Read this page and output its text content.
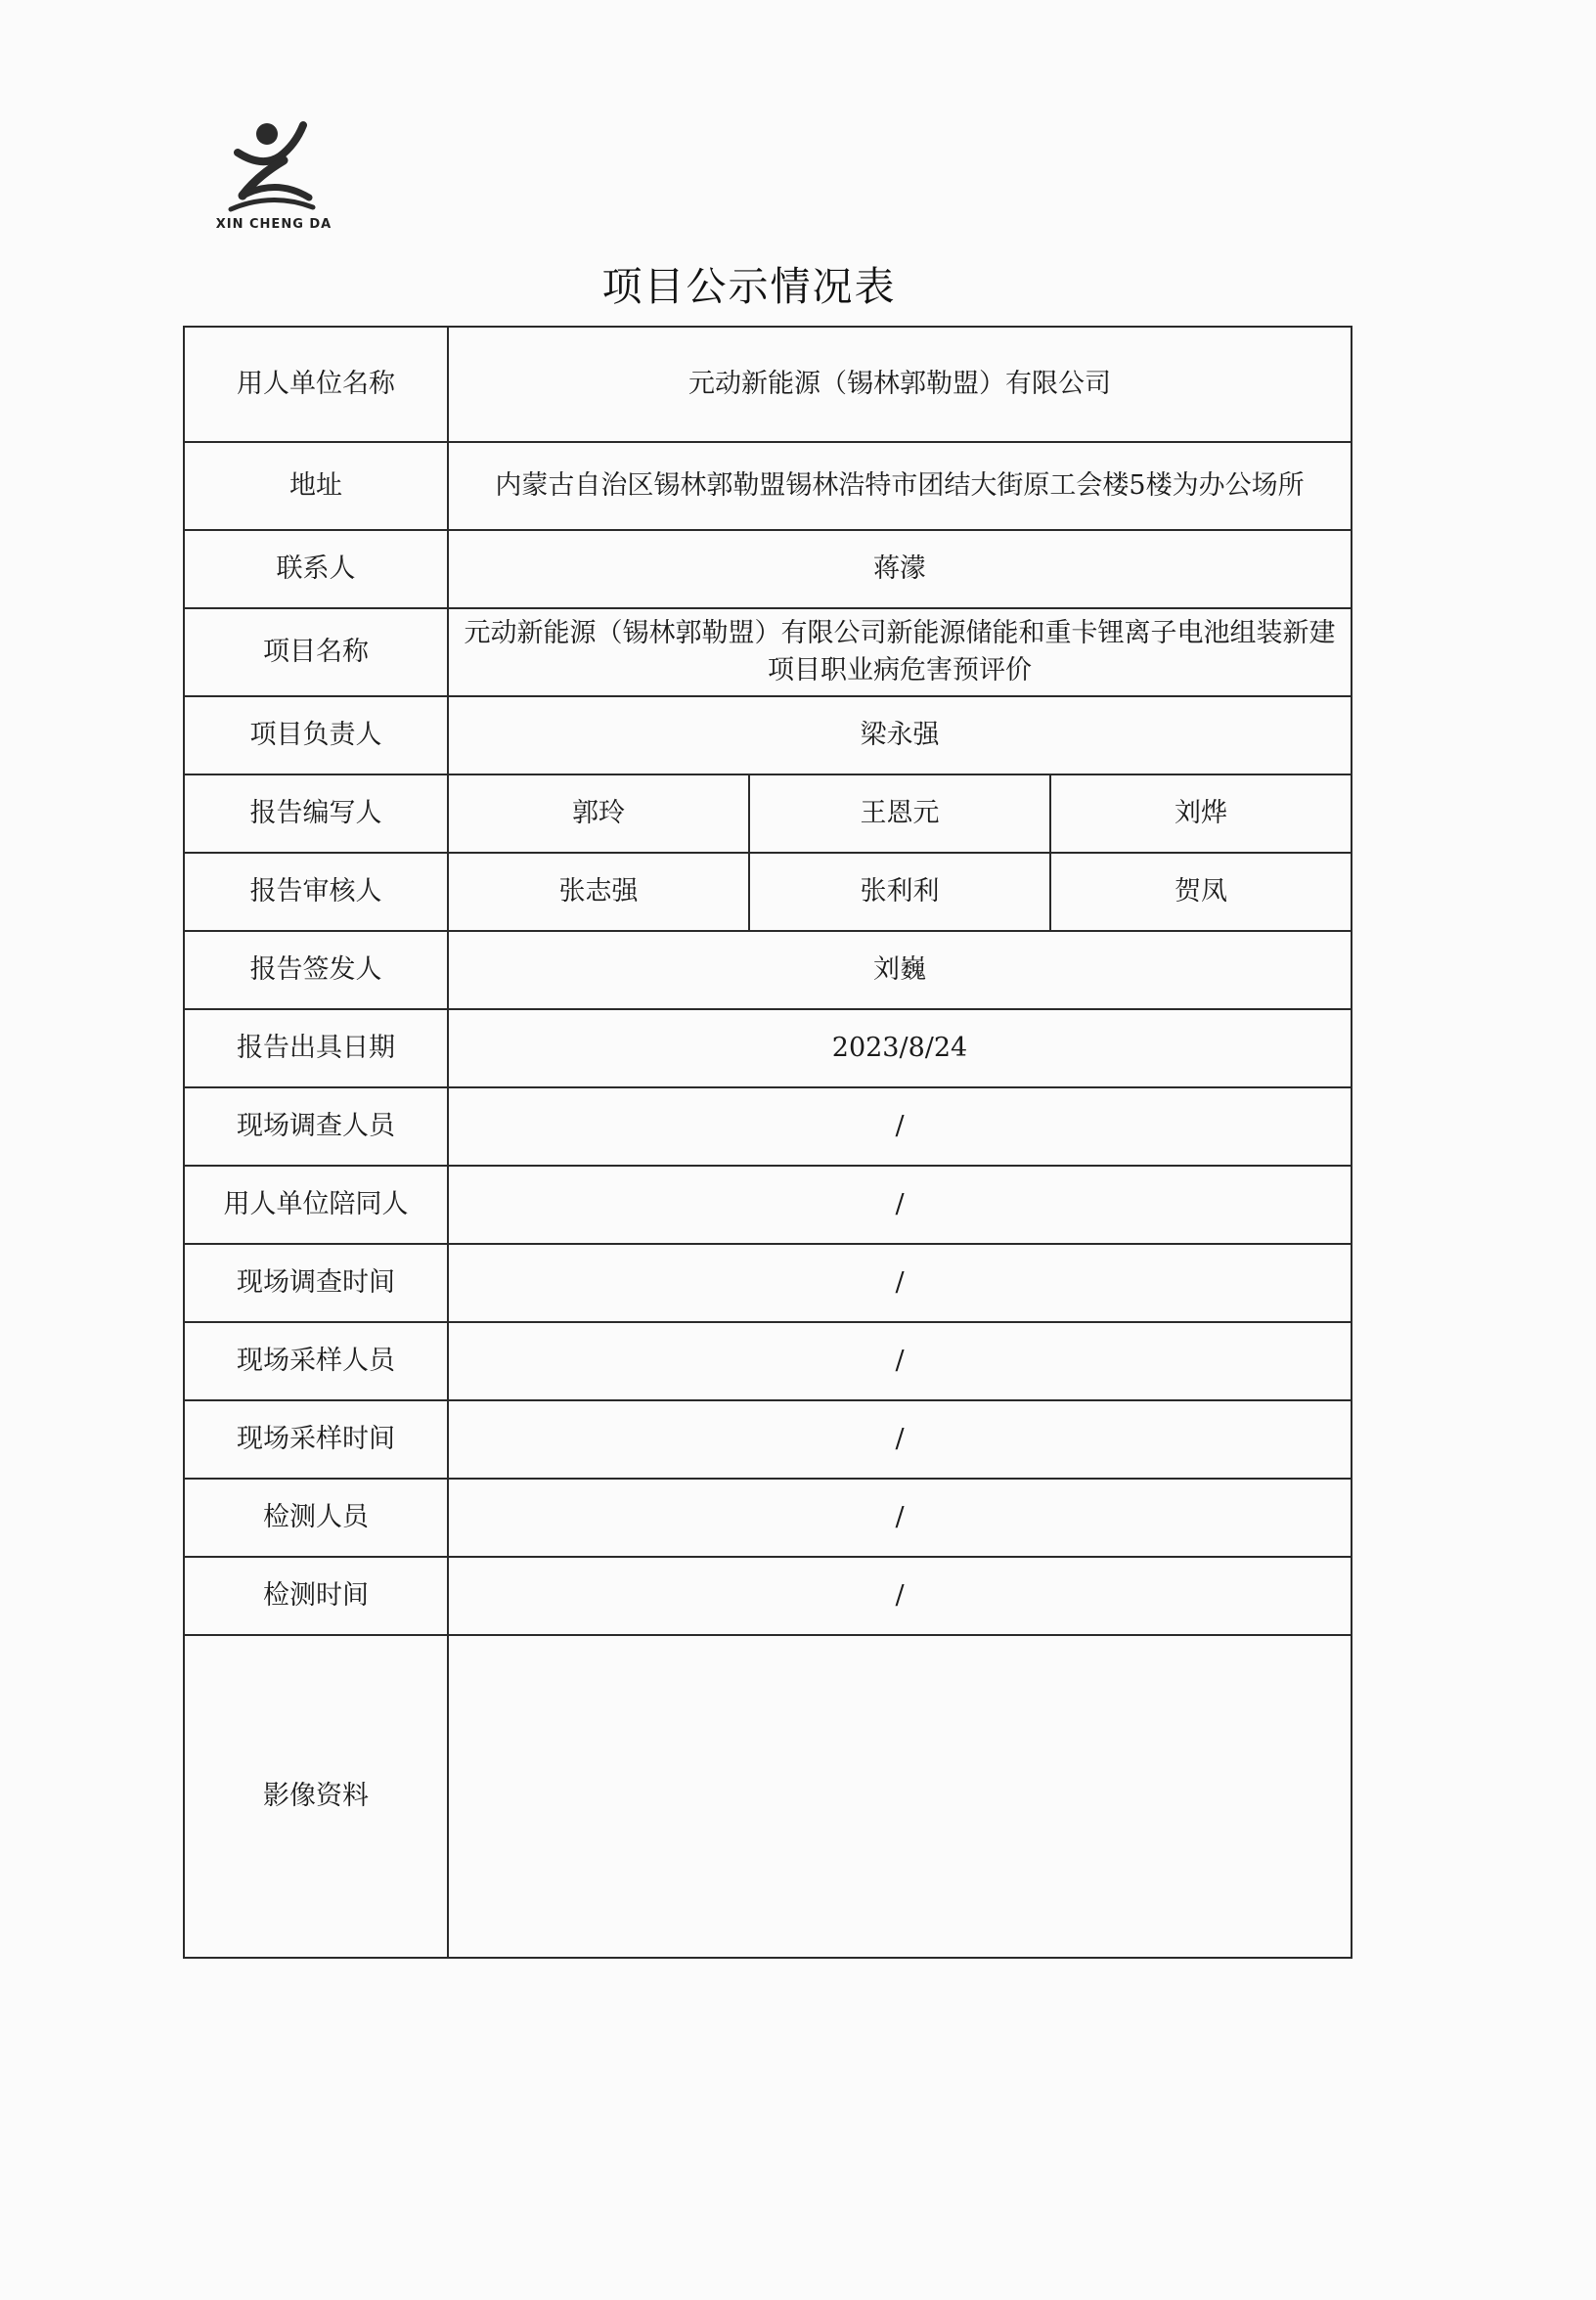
XIN CHENG DA
项目公示情况表
用人单位名称	元动新能源（锡林郭勒盟）有限公司		
地址	内蒙古自治区锡林郭勒盟锡林浩特市团结大街原工会楼5楼为办公场所		
联系人	蒋濛		
项目名称	元动新能源（锡林郭勒盟）有限公司新能源储能和重卡锂离子电池组装新建项目职业病危害预评价		
项目负责人	梁永强		
报告编写人	郭玲	王恩元	刘烨
报告审核人	张志强	张利利	贺凤
报告签发人	刘巍		
报告出具日期	2023/8/24		
现场调查人员	/		
用人单位陪同人	/		
现场调查时间	/		
现场采样人员	/		
现场采样时间	/		
检测人员	/		
检测时间	/		
影像资料			
